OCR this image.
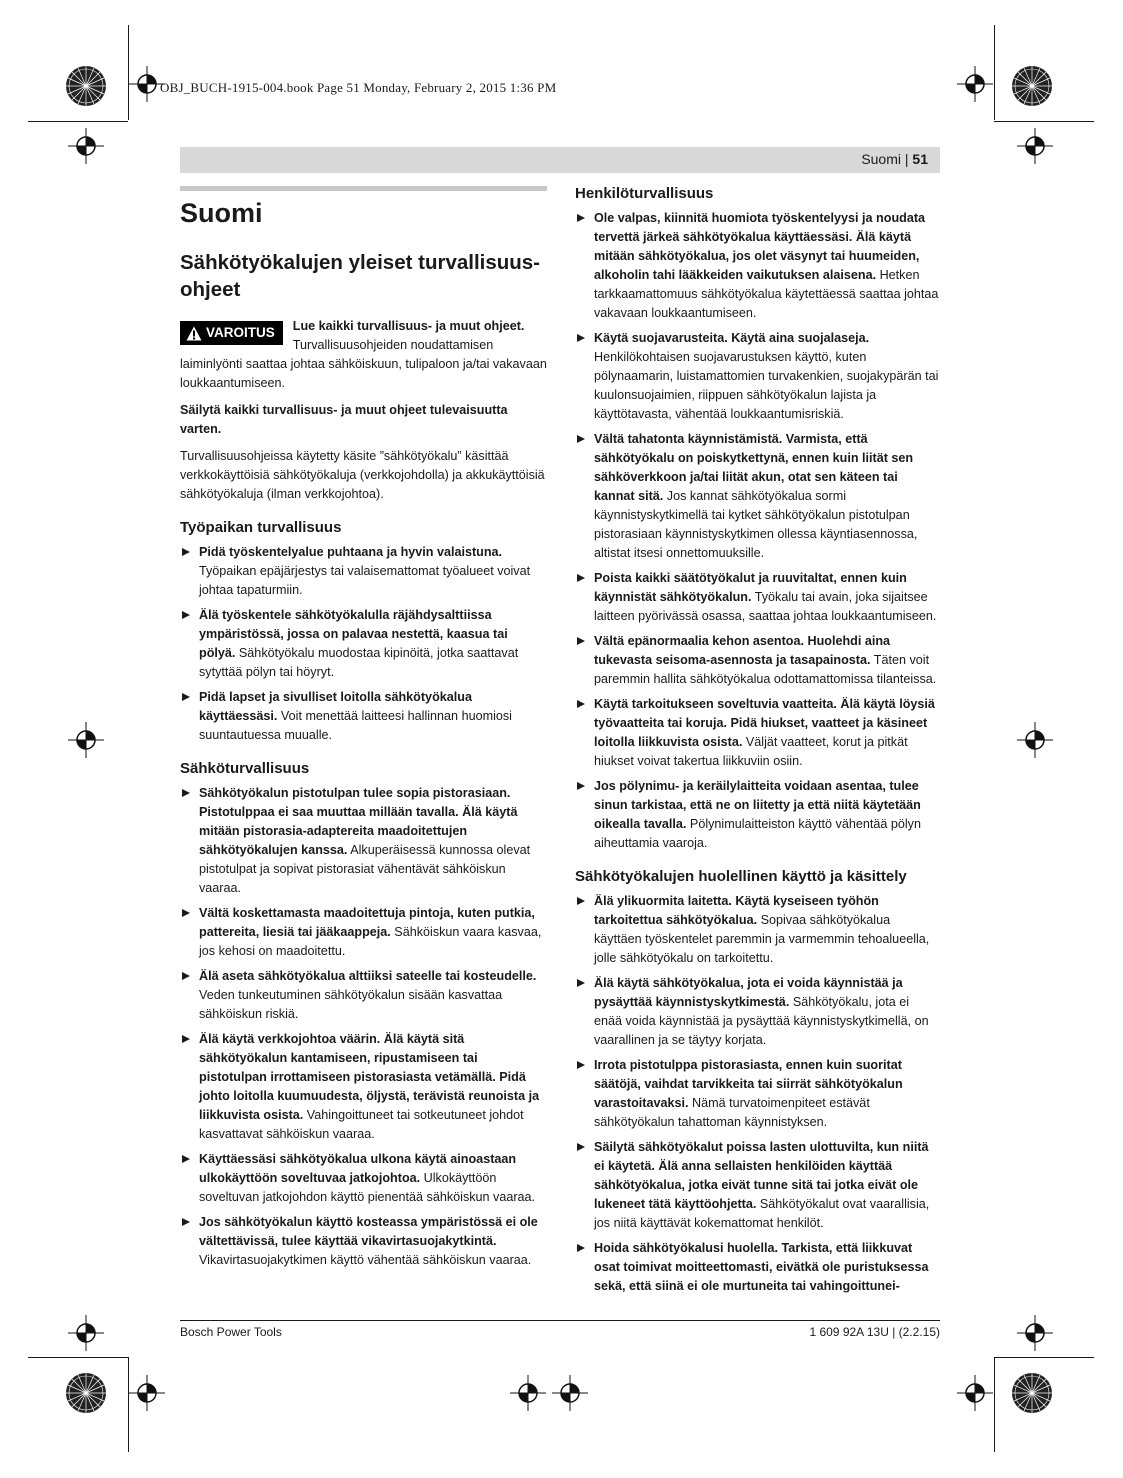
OBJ_BUCH-1915-004.book Page 51 Monday, February 2, 2015 1:36 PM
Suomi | 51
Suomi
Sähkötyökalujen yleiset turvallisuus-ohjeet
VAROITUS	Lue kaikki turvallisuus- ja muut ohjeet. Turvallisuusohjeiden noudattamisen laiminlyönti saattaa johtaa sähköiskuun, tulipaloon ja/tai vakavaan loukkaantumiseen.

Säilytä kaikki turvallisuus- ja muut ohjeet tulevaisuutta varten.

Turvallisuusohjeissa käytetty käsite ”sähkötyökalu” käsittää verkkokäyttöisiä sähkötyökaluja (verkkojohdolla) ja akkukäyttöisiä sähkötyökaluja (ilman verkkojohtoa).

Työpaikan turvallisuus
Pidä työskentelyalue puhtaana ja hyvin valaistuna. Työpaikan epäjärjestys tai valaisemattomat työalueet voivat johtaa tapaturmiin.
Älä työskentele sähkötyökalulla räjähdysalttiissa ympäristössä, jossa on palavaa nestettä, kaasua tai pölyä. Sähkötyökalu muodostaa kipinöitä, jotka saattavat sytyttää pölyn tai höyryt.
Pidä lapset ja sivulliset loitolla sähkötyökalua käyttäessäsi. Voit menettää laitteesi hallinnan huomiosi suuntautuessa muualle.
Sähköturvallisuus
Sähkötyökalun pistotulpan tulee sopia pistorasiaan. Pistotulppaa ei saa muuttaa millään tavalla. Älä käytä mitään pistorasia-adaptereita maadoitettujen sähkötyökalujen kanssa. Alkuperäisessä kunnossa olevat pistotulpat ja sopivat pistorasiat vähentävät sähköiskun vaaraa.
Vältä koskettamasta maadoitettuja pintoja, kuten putkia, pattereita, liesiä tai jääkaappeja. Sähköiskun vaara kasvaa, jos kehosi on maadoitettu.
Älä aseta sähkötyökalua alttiiksi sateelle tai kosteudelle. Veden tunkeutuminen sähkötyökalun sisään kasvattaa sähköiskun riskiä.
Älä käytä verkkojohtoa väärin. Älä käytä sitä sähkötyökalun kantamiseen, ripustamiseen tai pistotulpan irrottamiseen pistorasiasta vetämällä. Pidä johto loitolla kuumuudesta, öljystä, terävistä reunoista ja liikkuvista osista. Vahingoittuneet tai sotkeutuneet johdot kasvattavat sähköiskun vaaraa.
Käyttäessäsi sähkötyökalua ulkona käytä ainoastaan ulkokäyttöön soveltuvaa jatkojohtoa. Ulkokäyttöön soveltuvan jatkojohdon käyttö pienentää sähköiskun vaaraa.
Jos sähkötyökalun käyttö kosteassa ympäristössä ei ole vältettävissä, tulee käyttää vikavirtasuojakytkintä. Vikavirtasuojakytkimen käyttö vähentää sähköiskun vaaraa.
Henkilöturvallisuus
Ole valpas, kiinnitä huomiota työskentelyysi ja noudata tervettä järkeä sähkötyökalua käyttäessäsi. Älä käytä mitään sähkötyökalua, jos olet väsynyt tai huumeiden, alkoholin tahi lääkkeiden vaikutuksen alaisena. Hetken tarkkaamattomuus sähkötyökalua käytettäessä saattaa johtaa vakavaan loukkaantumiseen.
Käytä suojavarusteita. Käytä aina suojalaseja. Henkilökohtaisen suojavarustuksen käyttö, kuten pölynaamarin, luistamattomien turvakenkien, suojakypärän tai kuulonsuojaimien, riippuen sähkötyökalun lajista ja käyttötavasta, vähentää loukkaantumisriskiä.
Vältä tahatonta käynnistämistä. Varmista, että sähkötyökalu on poiskytkettynä, ennen kuin liität sen sähköverkkoon ja/tai liität akun, otat sen käteen tai kannat sitä. Jos kannat sähkötyökalua sormi käynnistyskytkimellä tai kytket sähkötyökalun pistotulpan pistorasiaan käynnistyskytkimen ollessa käyntiasennossa, altistat itsesi onnettomuuksille.
Poista kaikki säätötyökalut ja ruuvitaltat, ennen kuin käynnistät sähkötyökalun. Työkalu tai avain, joka sijaitsee laitteen pyörivässä osassa, saattaa johtaa loukkaantumiseen.
Vältä epänormaalia kehon asentoa. Huolehdi aina tukevasta seisoma-asennosta ja tasapainosta. Täten voit paremmin hallita sähkötyökalua odottamattomissa tilanteissa.
Käytä tarkoitukseen soveltuvia vaatteita. Älä käytä löysiä työvaatteita tai koruja. Pidä hiukset, vaatteet ja käsineet loitolla liikkuvista osista. Väljät vaatteet, korut ja pitkät hiukset voivat takertua liikkuviin osiin.
Jos pölynimu- ja keräilylaitteita voidaan asentaa, tulee sinun tarkistaa, että ne on liitetty ja että niitä käytetään oikealla tavalla. Pölynimulaitteiston käyttö vähentää pölyn aiheuttamia vaaroja.
Sähkötyökalujen huolellinen käyttö ja käsittely
Älä ylikuormita laitetta. Käytä kyseiseen työhön tarkoitettua sähkötyökalua. Sopivaa sähkötyökalua käyttäen työskentelet paremmin ja varmemmin tehoalueella, jolle sähkötyökalu on tarkoitettu.
Älä käytä sähkötyökalua, jota ei voida käynnistää ja pysäyttää käynnistyskytkimestä. Sähkötyökalu, jota ei enää voida käynnistää ja pysäyttää käynnistyskytkimellä, on vaarallinen ja se täytyy korjata.
Irrota pistotulppa pistorasiasta, ennen kuin suoritat säätöjä, vaihdat tarvikkeita tai siirrät sähkötyökalun varastoitavaksi. Nämä turvatoimenpiteet estävät sähkötyökalun tahattoman käynnistyksen.
Säilytä sähkötyökalut poissa lasten ulottuvilta, kun niitä ei käytetä. Älä anna sellaisten henkilöiden käyttää sähkötyökalua, jotka eivät tunne sitä tai jotka eivät ole lukeneet tätä käyttöohjetta. Sähkötyökalut ovat vaarallisia, jos niitä käyttävät kokemattomat henkilöt.
Hoida sähkötyökalusi huolella. Tarkista, että liikkuvat osat toimivat moitteettomasti, eivätkä ole puristuksessa sekä, että siinä ei ole murtuneita tai vahingoittunei-
Bosch Power Tools	1 609 92A 13U | (2.2.15)
